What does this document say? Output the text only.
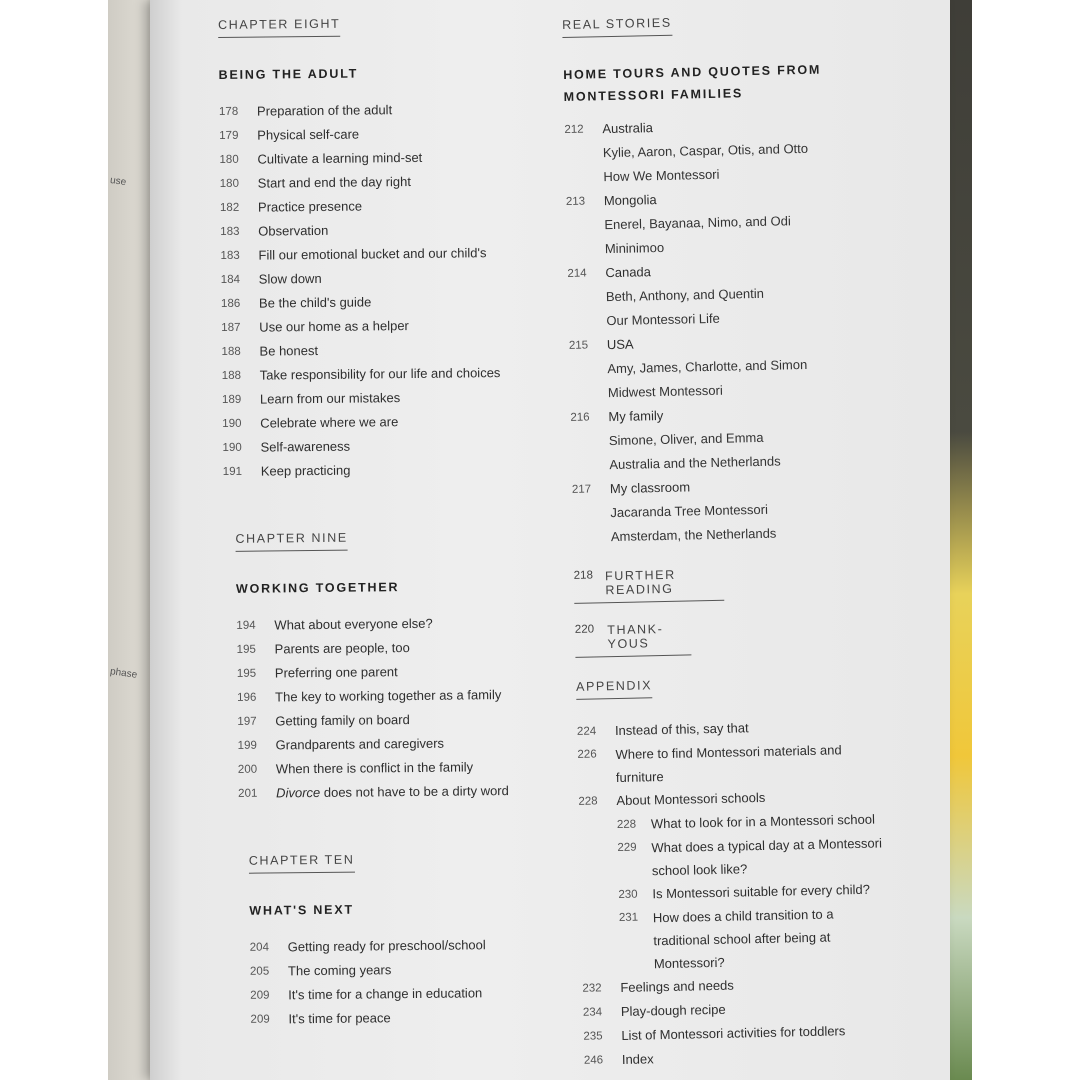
use
phase
CHAPTER EIGHT
BEING THE ADULT
178	Preparation of the adult
179	Physical self-care
180	Cultivate a learning mind-set
180	Start and end the day right
182	Practice presence
183	Observation
183	Fill our emotional bucket and our child's
184	Slow down
186	Be the child's guide
187	Use our home as a helper
188	Be honest
188	Take responsibility for our life and choices
189	Learn from our mistakes
190	Celebrate where we are
190	Self-awareness
191	Keep practicing
CHAPTER NINE
WORKING TOGETHER
194	What about everyone else?
195	Parents are people, too
195	Preferring one parent
196	The key to working together as a family
197	Getting family on board
199	Grandparents and caregivers
200	When there is conflict in the family
201	Divorce does not have to be a dirty word
CHAPTER TEN
WHAT'S NEXT
204	Getting ready for preschool/school
205	The coming years
209	It's time for a change in education
209	It's time for peace
REAL STORIES
HOME TOURS AND QUOTES FROM
MONTESSORI FAMILIES
212	Australia
Kylie, Aaron, Caspar, Otis, and Otto
How We Montessori
213	Mongolia
Enerel, Bayanaa, Nimo, and Odi
Mininimoo
214	Canada
Beth, Anthony, and Quentin
Our Montessori Life
215	USA
Amy, James, Charlotte, and Simon
Midwest Montessori
216	My family
Simone, Oliver, and Emma
Australia and the Netherlands
217	My classroom
Jacaranda Tree Montessori
Amsterdam, the Netherlands
218 FURTHER READING
220	THANK-YOUS
APPENDIX
224	Instead of this, say that
226	Where to find Montessori materials and
furniture
228	About Montessori schools
228	What to look for in a Montessori school
229	What does a typical day at a Montessori
school look like?
230	Is Montessori suitable for every child?
231	How does a child transition to a
traditional school after being at
Montessori?
232	Feelings and needs
234	Play-dough recipe
235	List of Montessori activities for toddlers
246	Index
